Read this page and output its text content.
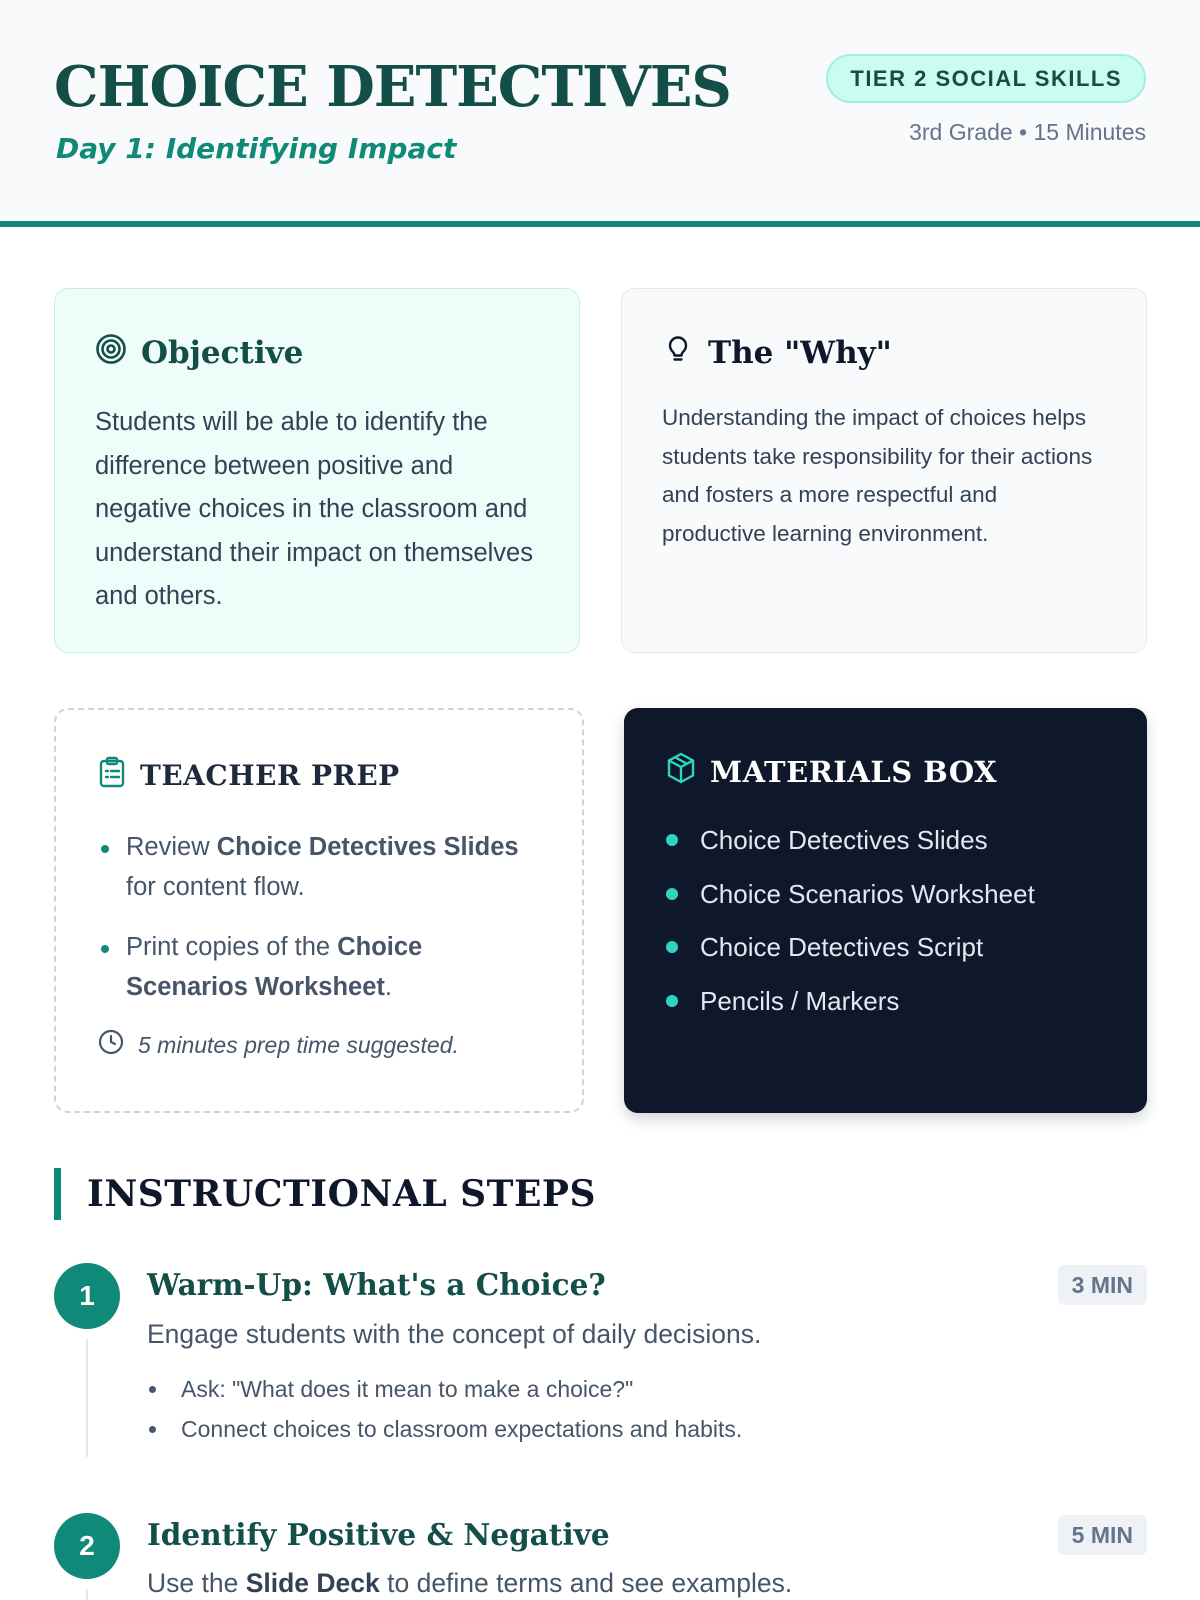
CHOICE DETECTIVES
Day 1: Identifying Impact
TIER 2 SOCIAL SKILLS
3rd Grade • 15 Minutes
Objective

Students will be able to identify the difference between positive and negative choices in the classroom and understand their impact on themselves and others.

The "Why"

Understanding the impact of choices helps students take responsibility for their actions and fosters a more respectful and productive learning environment.

TEACHER PREP
Review Choice Detectives Slides for content flow.
Print copies of the Choice Scenarios Worksheet.
5 minutes prep time suggested.
MATERIALS BOX
Choice Detectives Slides
Choice Scenarios Worksheet
Choice Detectives Script
Pencils / Markers
INSTRUCTIONAL STEPS
1	Warm-Up: What's a Choice?	3 MIN
Engage students with the concept of daily decisions.
Ask: "What does it mean to make a choice?"
Connect choices to classroom expectations and habits.
2	Identify Positive & Negative	5 MIN
Use the Slide Deck to define terms and see examples.
